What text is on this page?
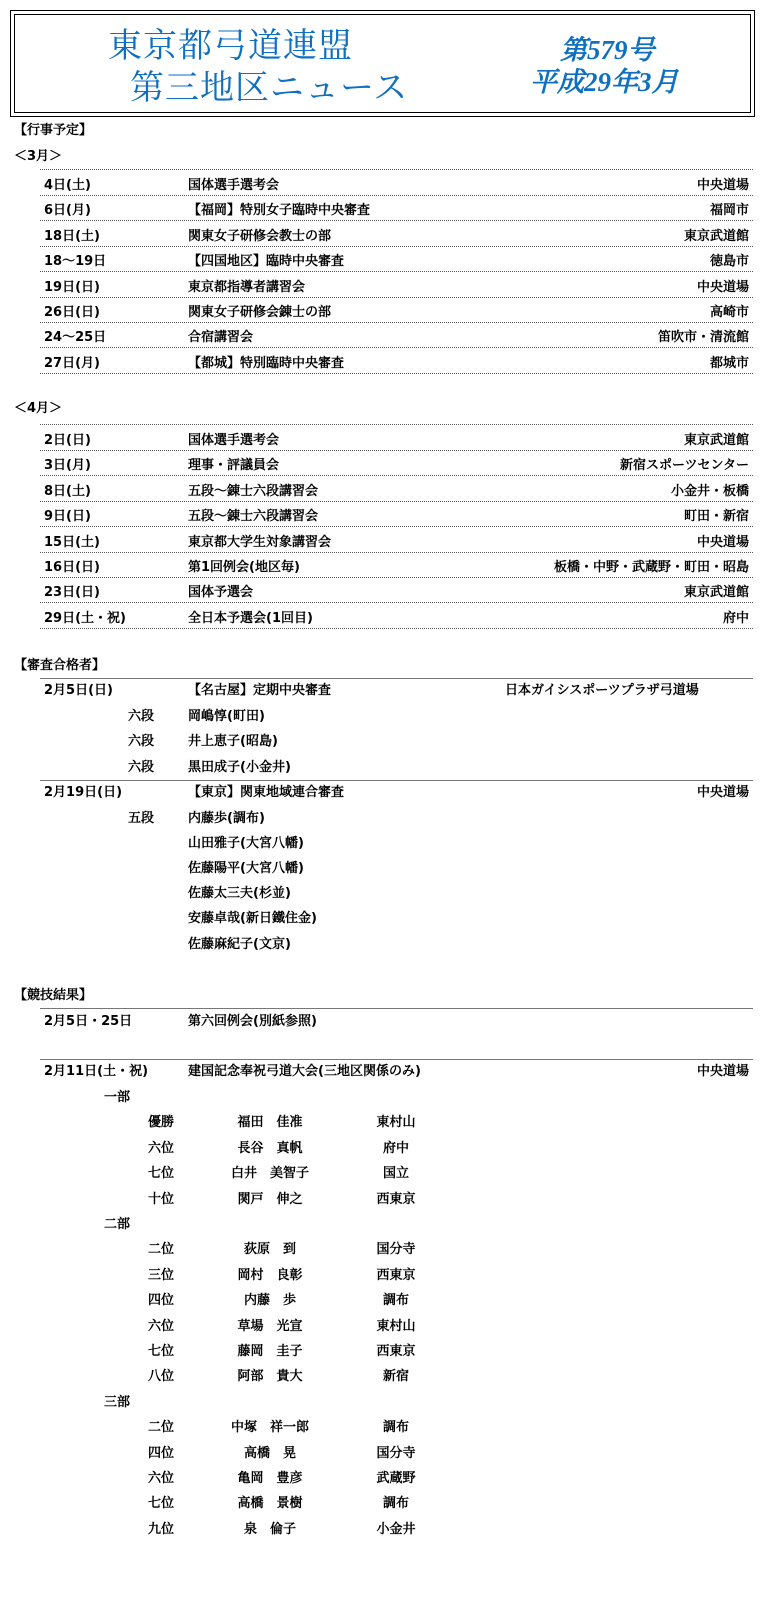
東京都弓道連盟
第三地区ニュース
第579号
平成29年3月
【行事予定】
＜3月＞
4日(土)	国体選手選考会	中央道場
6日(月)	【福岡】特別女子臨時中央審査	福岡市
18日(土)	関東女子研修会教士の部	東京武道館
18～19日	【四国地区】臨時中央審査	徳島市
19日(日)	東京都指導者講習会	中央道場
26日(日)	関東女子研修会錬士の部	高崎市
24～25日	合宿講習会	笛吹市・清流館
27日(月)	【都城】特別臨時中央審査	都城市
＜4月＞
2日(日)	国体選手選考会	東京武道館
3日(月)	理事・評議員会	新宿スポーツセンター
8日(土)	五段～錬士六段講習会	小金井・板橋
9日(日)	五段～錬士六段講習会	町田・新宿
15日(土)	東京都大学生対象講習会	中央道場
16日(日)	第1回例会(地区毎)	板橋・中野・武蔵野・町田・昭島
23日(日)	国体予選会	東京武道館
29日(土・祝)	全日本予選会(1回目)	府中
【審査合格者】
2月5日(日)	【名古屋】定期中央審査	日本ガイシスポーツプラザ弓道場
六段	岡嶋惇(町田)
六段	井上恵子(昭島)
六段	黒田成子(小金井)
2月19日(日)	【東京】関東地域連合審査	中央道場
五段	内藤歩(調布)
山田雅子(大宮八幡)
佐藤陽平(大宮八幡)
佐藤太三夫(杉並)
安藤卓哉(新日鐵住金)
佐藤麻紀子(文京)
【競技結果】
2月5日・25日	第六回例会(別紙参照)
2月11日(土・祝)	建国記念奉祝弓道大会(三地区関係のみ)	中央道場
一部
優勝	福田　佳准	東村山
六位	長谷　真帆	府中
七位	白井　美智子	国立
十位	関戸　伸之	西東京
二部
二位	荻原　到	国分寺
三位	岡村　良彰	西東京
四位	内藤　歩	調布
六位	草場　光宣	東村山
七位	藤岡　圭子	西東京
八位	阿部　貴大	新宿
三部
二位	中塚　祥一郎	調布
四位	高橋　晃	国分寺
六位	亀岡　豊彦	武蔵野
七位	高橋　景樹	調布
九位	泉　倫子	小金井
